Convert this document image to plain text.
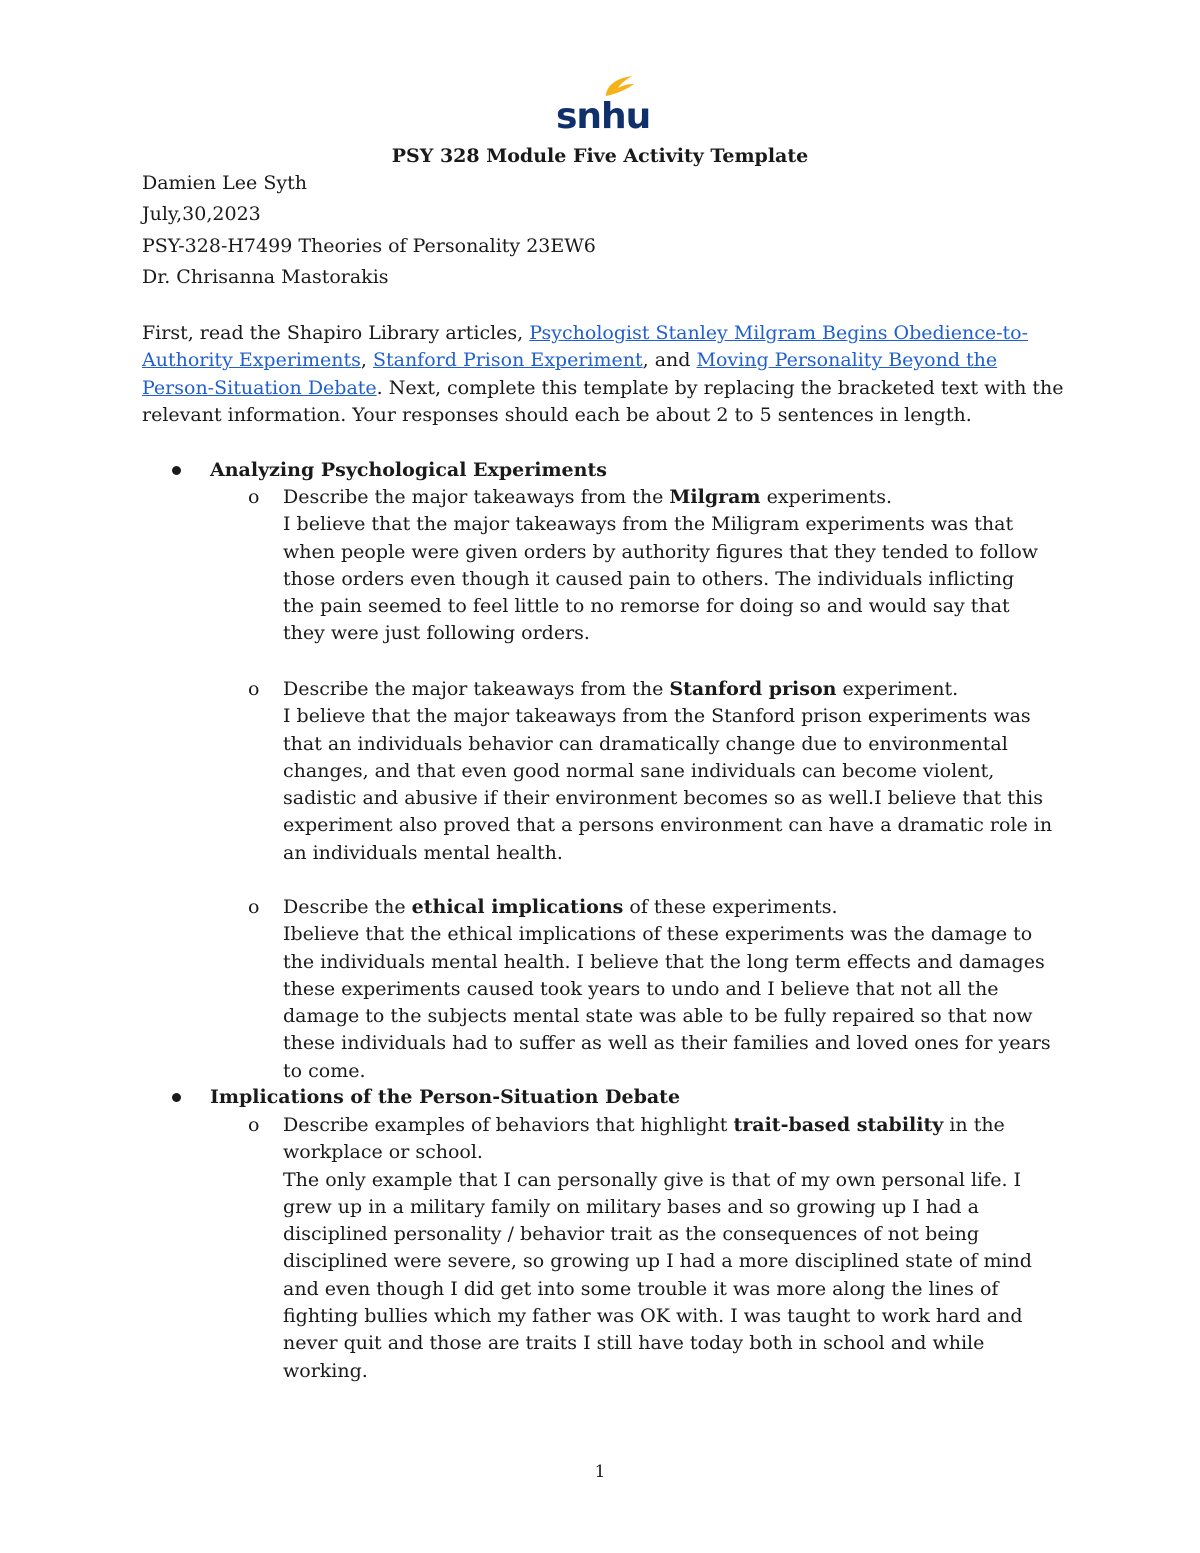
snhu
PSY 328 Module Five Activity Template
Damien Lee Syth
July,30,2023
PSY-328-H7499 Theories of Personality 23EW6
Dr. Chrisanna Mastorakis
First, read the Shapiro Library articles, Psychologist Stanley Milgram Begins Obedience-to-Authority Experiments, Stanford Prison Experiment, and Moving Personality Beyond the Person-Situation Debate. Next, complete this template by replacing the bracketed text with the relevant information. Your responses should each be about 2 to 5 sentences in length.
Analyzing Psychological Experiments
o Describe the major takeaways from the Milgram experiments.
I believe that the major takeaways from the Miligram experiments was that when people were given orders by authority figures that they tended to follow those orders even though it caused pain to others. The individuals inflicting the pain seemed to feel little to no remorse for doing so and would say that they were just following orders.
o Describe the major takeaways from the Stanford prison experiment.
I believe that the major takeaways from the Stanford prison experiments was that an individuals behavior can dramatically change due to environmental changes, and that even good normal sane individuals can become violent, sadistic and abusive if their environment becomes so as well.I believe that this experiment also proved that a persons environment can have a dramatic role in an individuals mental health.
o Describe the ethical implications of these experiments.
Ibelieve that the ethical implications of these experiments was the damage to the individuals mental health. I believe that the long term effects and damages these experiments caused took years to undo and I believe that not all the damage to the subjects mental state was able to be fully repaired so that now these individuals had to suffer as well as their families and loved ones for years to come.
Implications of the Person-Situation Debate
o Describe examples of behaviors that highlight trait-based stability in the workplace or school.
The only example that I can personally give is that of my own personal life. I grew up in a military family on military bases and so growing up I had a disciplined personality / behavior trait as the consequences of not being disciplined were severe, so growing up I had a more disciplined state of mind and even though I did get into some trouble it was more along the lines of fighting bullies which my father was OK with. I was taught to work hard and never quit and those are traits I still have today both in school and while working.
1
